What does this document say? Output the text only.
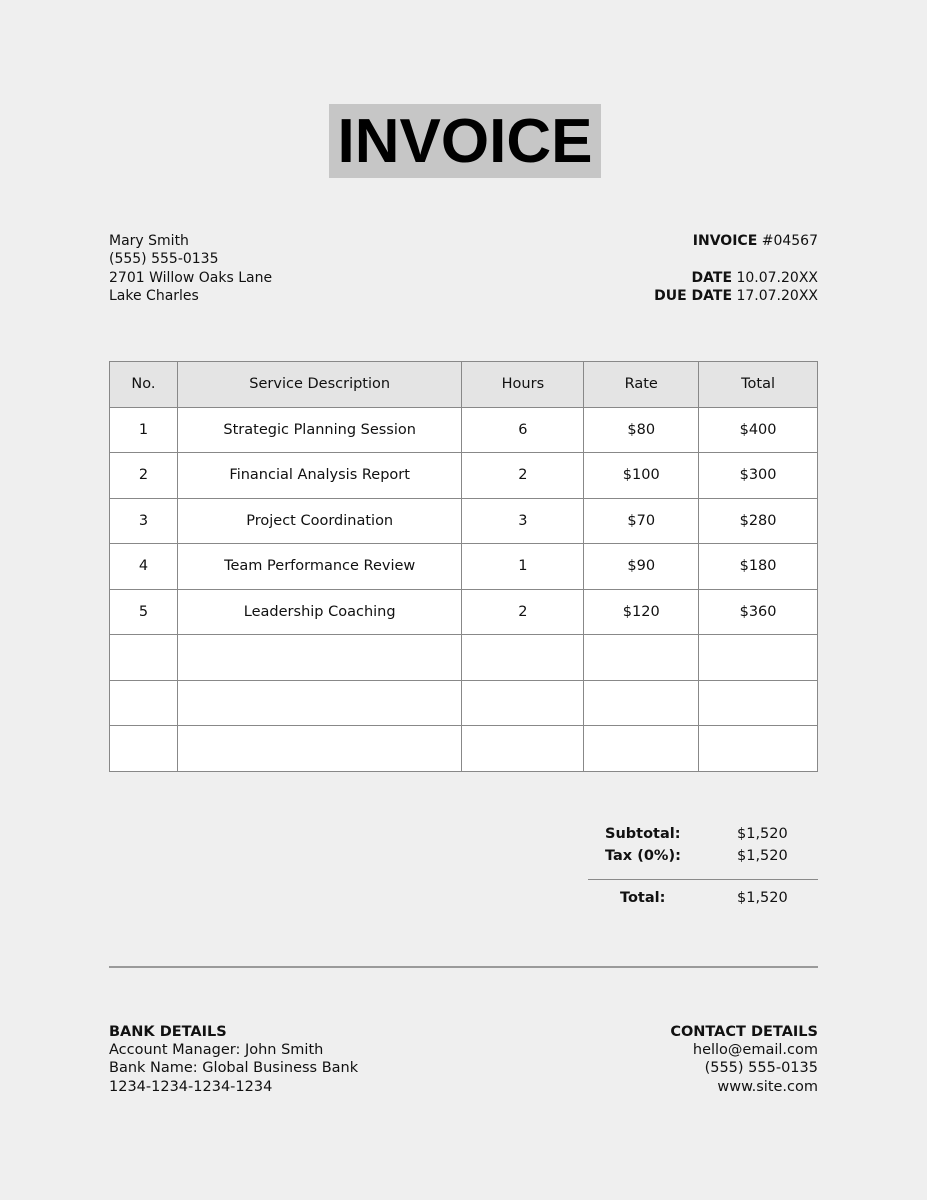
INVOICE
Mary Smith
(555) 555-0135
2701 Willow Oaks Lane
Lake Charles
INVOICE #04567
DATE 10.07.20XX
DUE DATE 17.07.20XX
No.	Service Description	Hours	Rate	Total
1	Strategic Planning Session	6	$80	$400
2	Financial Analysis Report	2	$100	$300
3	Project Coordination	3	$70	$280
4	Team Performance Review	1	$90	$180
5	Leadership Coaching	2	$120	$360

Subtotal:	$1,520
Tax (0%):	$1,520
Total:	$1,520
BANK DETAILS
Account Manager: John Smith
Bank Name: Global Business Bank
1234-1234-1234-1234
CONTACT DETAILS
hello@email.com
(555) 555-0135
www.site.com
